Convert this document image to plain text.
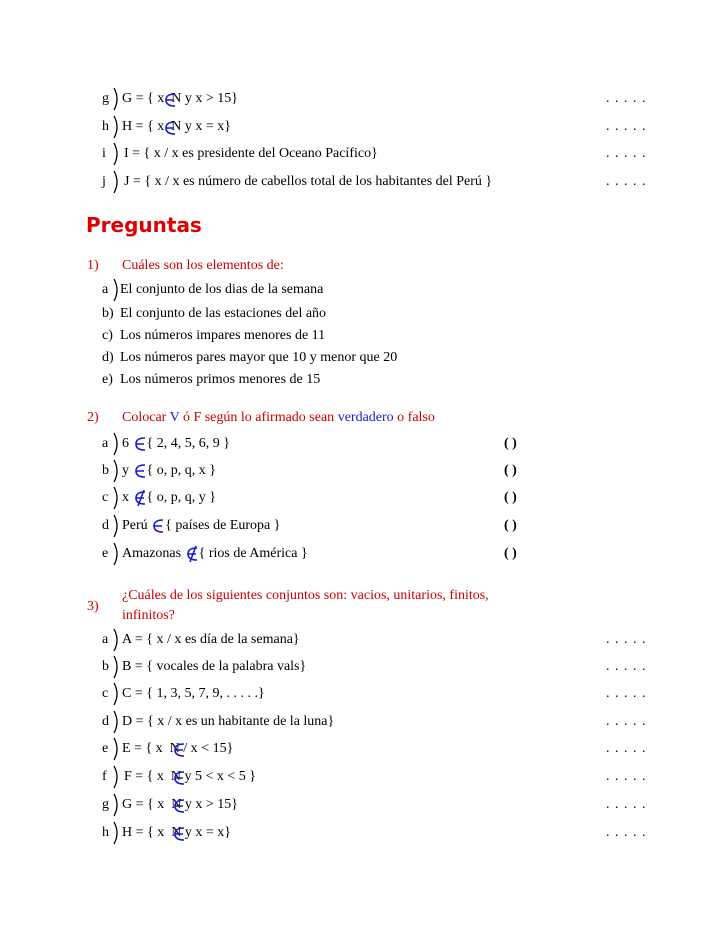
g G = { x  N y x > 15}	. . . . .
h H = { x  N y x = x}	. . . . .
i I = { x / x es presidente del Oceano Pacífico}	. . . . .
j J = { x / x es número de cabellos total de los habitantes del Perú }	. . . . .
Preguntas
1) Cuáles son los elementos de:
a El conjunto de los dias de la semana
b) El conjunto de las estaciones del año
c) Los números impares menores de 11
d) Los números pares mayor que 10 y menor que 20
e) Los números primos menores de 15
2) Colocar V ó F según lo afirmado sean verdadero o falso
a 6 { 2, 4, 5, 6, 9 }	( )
b y { o, p, q, x }	( )
c x { o, p, q, y }	( )
d Perú { países de Europa }	( )
e Amazonas { rios de América }	( )
3)
¿Cuáles de los siguientes conjuntos son: vacios, unitarios, finitos,
infinitos?
a A = { x / x es día de la semana}	. . . . .
b B = { vocales de la palabra vals}	. . . . .
c C = { 1, 3, 5, 7, 9, . . . . .}	. . . . .
d D = { x / x es un habitante de la luna}	. . . . .
e E = { x  N / x < 15}	. . . . .
f F = { x  N y 5 < x < 5 }	. . . . .
g G = { x  N y x > 15}	. . . . .
h H = { x  N y x = x}	. . . . .
